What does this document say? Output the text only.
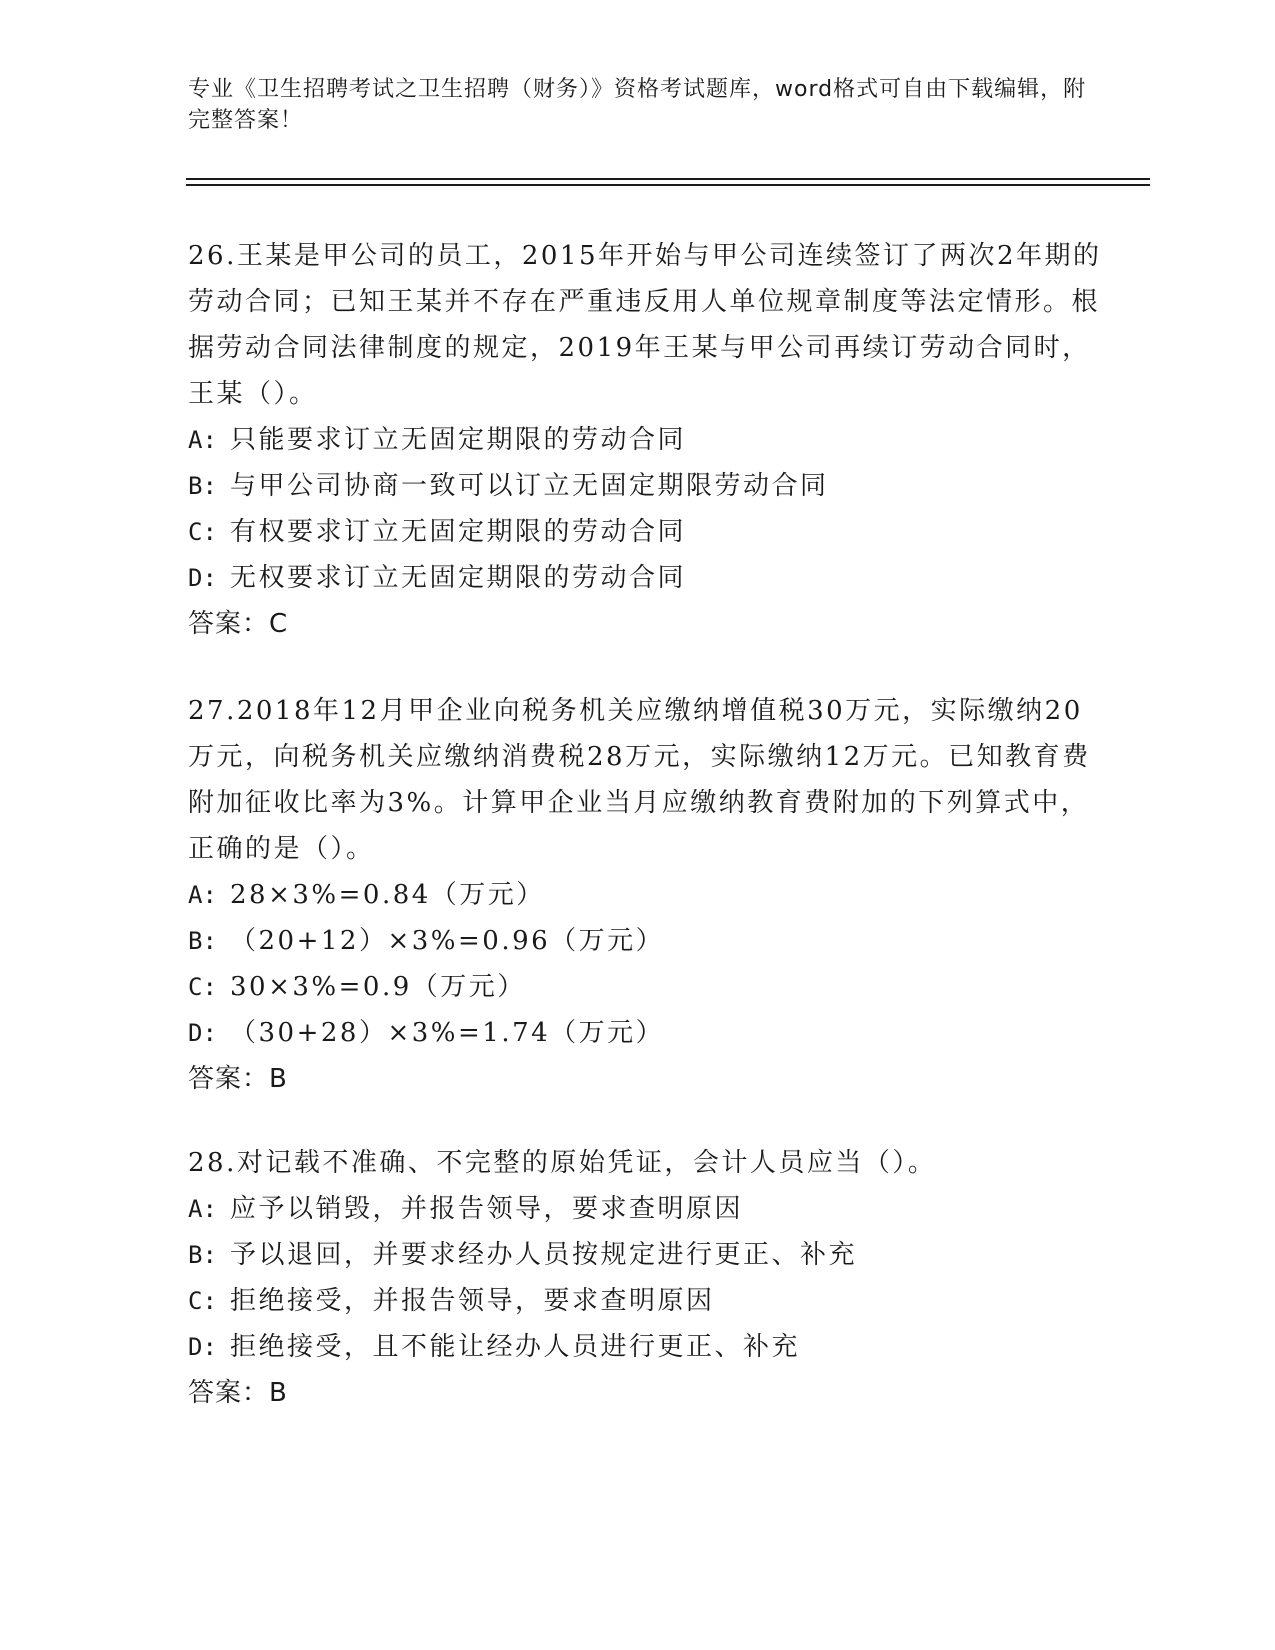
专业《卫生招聘考试之卫生招聘（财务）》资格考试题库，word格式可自由下载编辑，附完整答案！

26.王某是甲公司的员工，2015年开始与甲公司连续签订了两次2年期的劳动合同；已知王某并不存在严重违反用人单位规章制度等法定情形。根据劳动合同法律制度的规定，2019年王某与甲公司再续订劳动合同时，王某（）。

A: 只能要求订立无固定期限的劳动合同

B: 与甲公司协商一致可以订立无固定期限劳动合同

C: 有权要求订立无固定期限的劳动合同

D: 无权要求订立无固定期限的劳动合同

答案：C

27.2018年12月甲企业向税务机关应缴纳增值税30万元，实际缴纳20万元，向税务机关应缴纳消费税28万元，实际缴纳12万元。已知教育费附加征收比率为3%。计算甲企业当月应缴纳教育费附加的下列算式中，正确的是（）。

A: 28×3%=0.84（万元）

B: （20+12）×3%=0.96（万元）

C: 30×3%=0.9（万元）

D: （30+28）×3%=1.74（万元）

答案：B

28.对记载不准确、不完整的原始凭证，会计人员应当（）。

A: 应予以销毁，并报告领导，要求查明原因

B: 予以退回，并要求经办人员按规定进行更正、补充

C: 拒绝接受，并报告领导，要求查明原因

D: 拒绝接受，且不能让经办人员进行更正、补充

答案：B
